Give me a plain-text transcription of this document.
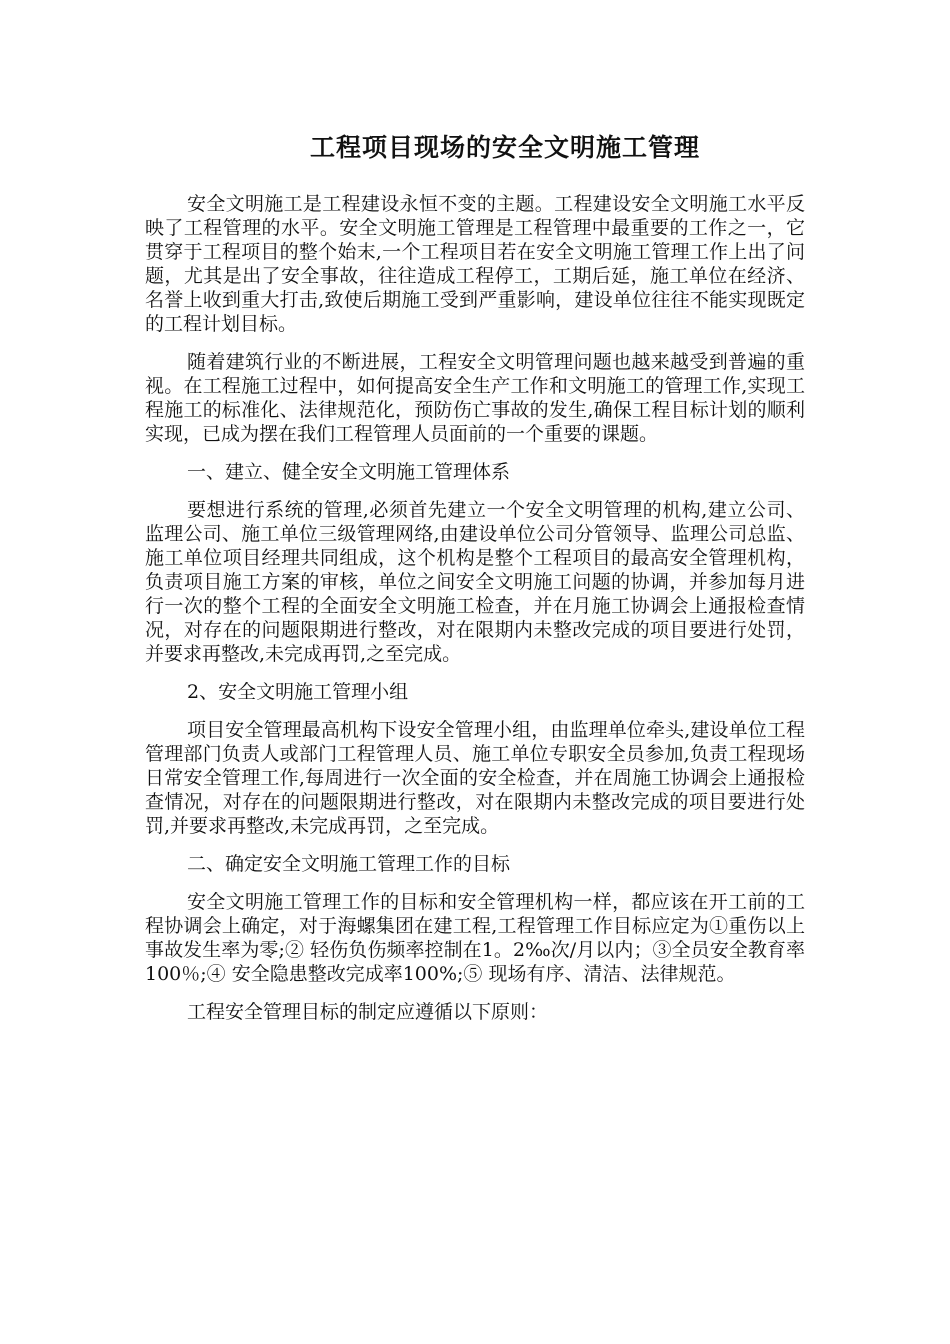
工程项目现场的安全文明施工管理

安全文明施工是工程建设永恒不变的主题。工程建设安全文明施工水平反映了工程管理的水平。安全文明施工管理是工程管理中最重要的工作之一，它贯穿于工程项目的整个始末,一个工程项目若在安全文明施工管理工作上出了问题，尤其是出了安全事故，往往造成工程停工，工期后延，施工单位在经济、名誉上收到重大打击,致使后期施工受到严重影响，建设单位往往不能实现既定的工程计划目标。

随着建筑行业的不断进展，工程安全文明管理问题也越来越受到普遍的重视。在工程施工过程中，如何提高安全生产工作和文明施工的管理工作,实现工程施工的标准化、法律规范化，预防伤亡事故的发生,确保工程目标计划的顺利实现，已成为摆在我们工程管理人员面前的一个重要的课题。

一、建立、健全安全文明施工管理体系

要想进行系统的管理,必须首先建立一个安全文明管理的机构,建立公司、监理公司、施工单位三级管理网络,由建设单位公司分管领导、监理公司总监、施工单位项目经理共同组成，这个机构是整个工程项目的最高安全管理机构，负责项目施工方案的审核，单位之间安全文明施工问题的协调，并参加每月进行一次的整个工程的全面安全文明施工检查，并在月施工协调会上通报检查情况，对存在的问题限期进行整改，对在限期内未整改完成的项目要进行处罚，并要求再整改,未完成再罚,之至完成。

2、安全文明施工管理小组

项目安全管理最高机构下设安全管理小组，由监理单位牵头,建设单位工程管理部门负责人或部门工程管理人员、施工单位专职安全员参加,负责工程现场日常安全管理工作,每周进行一次全面的安全检查，并在周施工协调会上通报检查情况，对存在的问题限期进行整改，对在限期内未整改完成的项目要进行处罚,并要求再整改,未完成再罚，之至完成。

二、确定安全文明施工管理工作的目标

安全文明施工管理工作的目标和安全管理机构一样，都应该在开工前的工程协调会上确定，对于海螺集团在建工程,工程管理工作目标应定为①重伤以上事故发生率为零;② 轻伤负伤频率控制在1。2‰次/月以内；③全员安全教育率 100％;④ 安全隐患整改完成率100%;⑤ 现场有序、清洁、法律规范。

工程安全管理目标的制定应遵循以下原则：
